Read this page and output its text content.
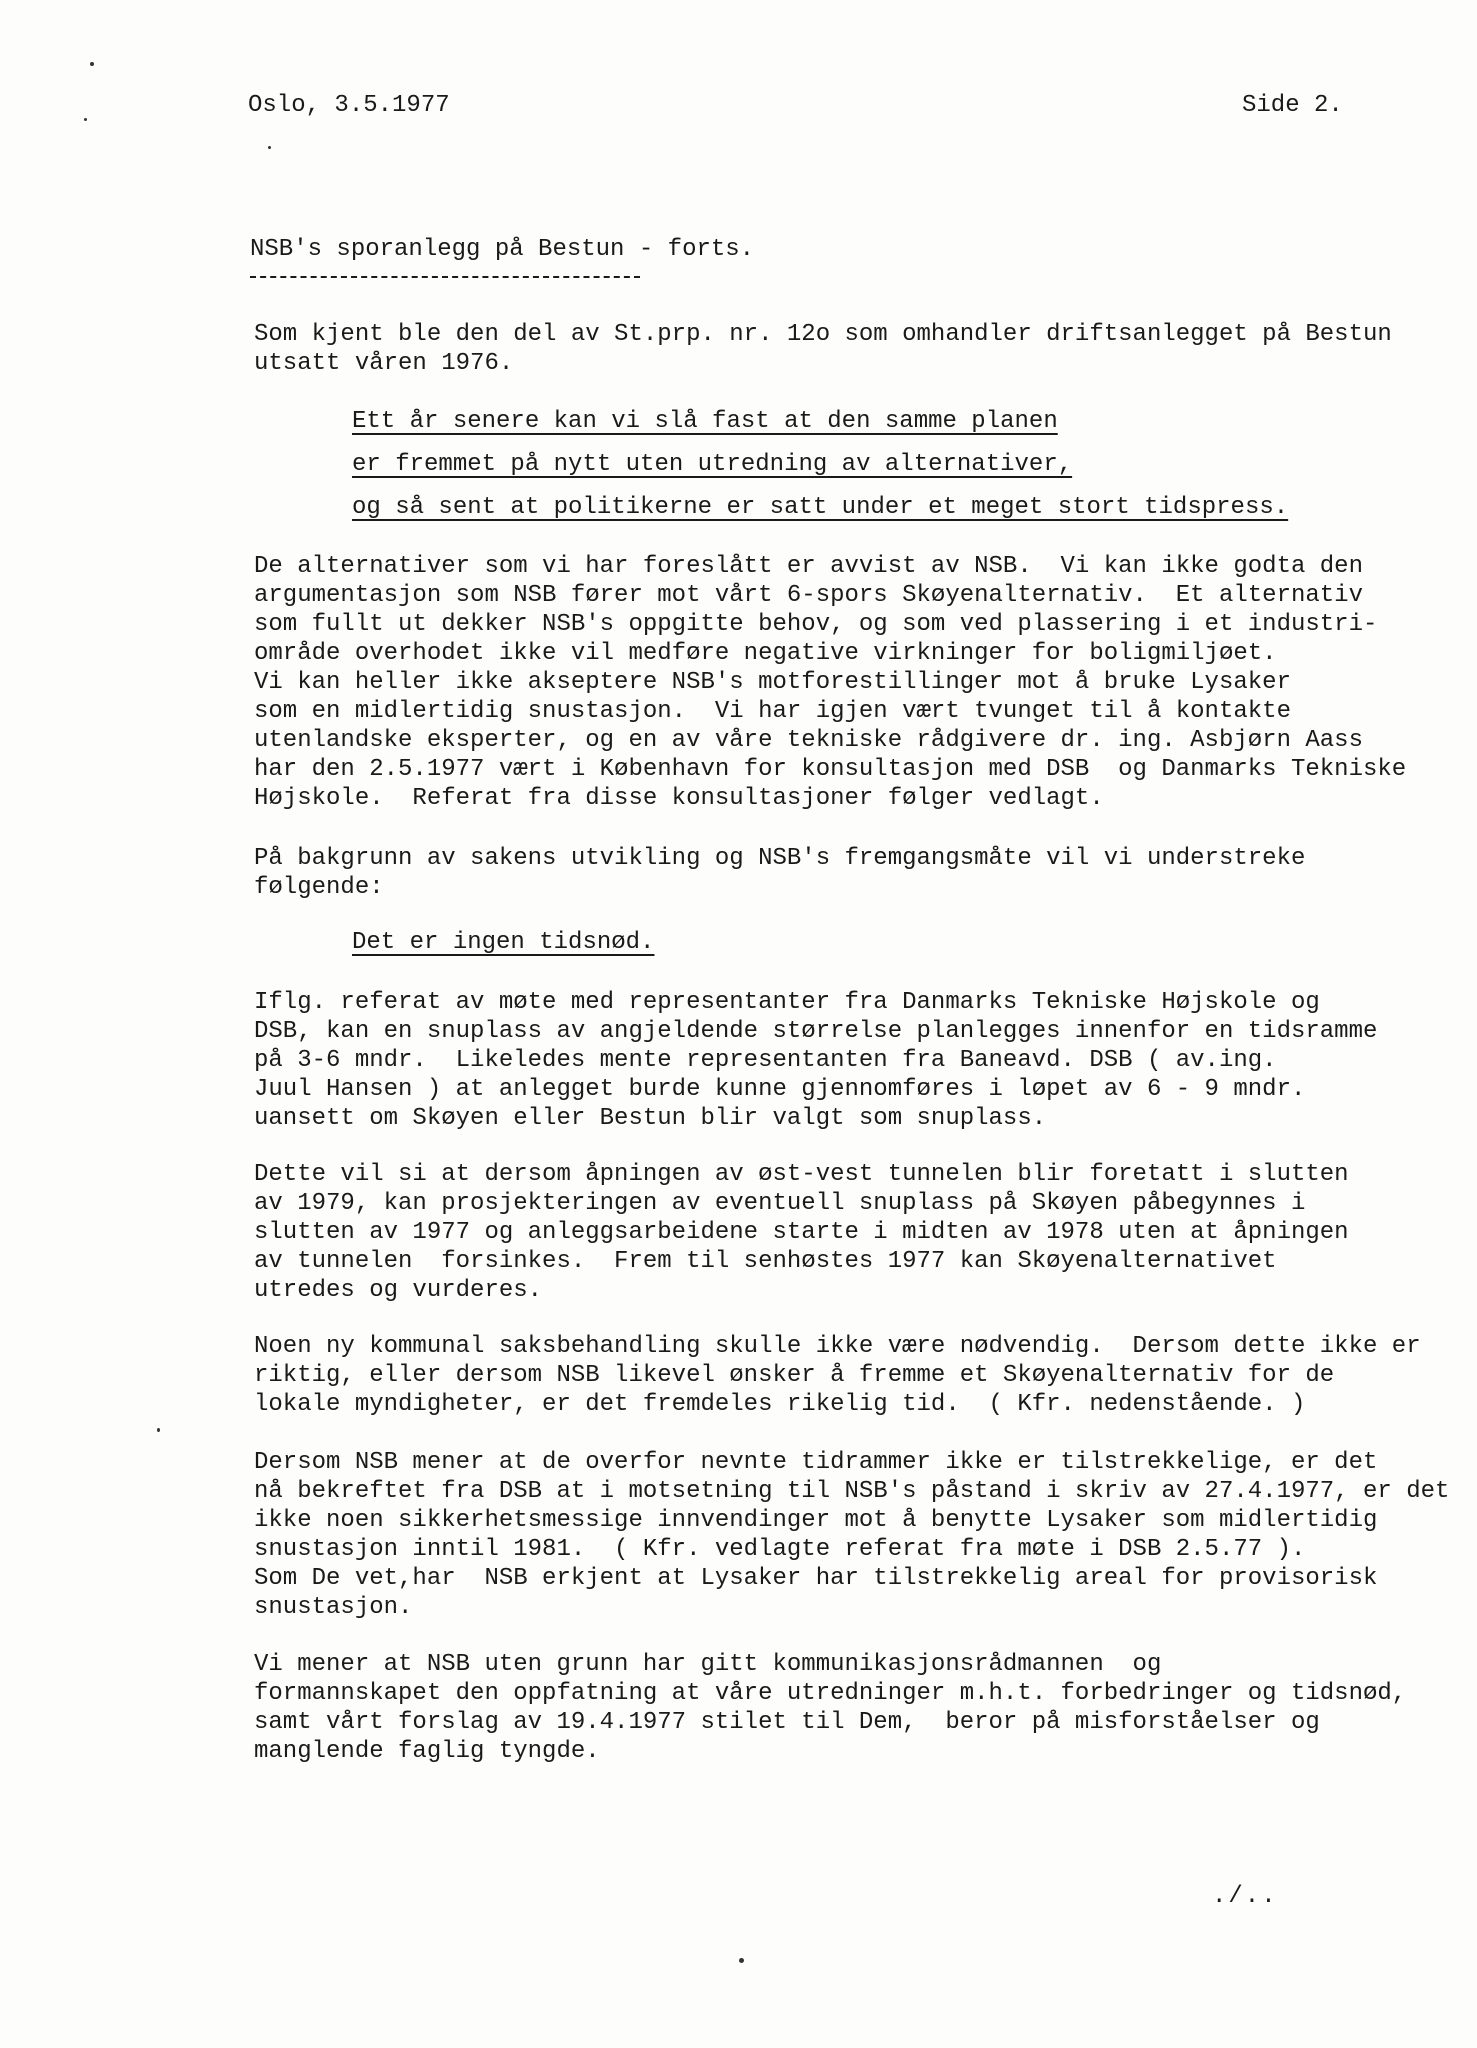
Oslo, 3.5.1977	Side 2.
NSB's sporanlegg på Bestun - forts.
Som kjent ble den del av St.prp. nr. 12o som omhandler driftsanlegget på Bestun
utsatt våren 1976.
Ett år senere kan vi slå fast at den samme planen
er fremmet på nytt uten utredning av alternativer,
og så sent at politikerne er satt under et meget stort tidspress.
De alternativer som vi har foreslått er avvist av NSB.  Vi kan ikke godta den
argumentasjon som NSB fører mot vårt 6-spors Skøyenalternativ.  Et alternativ
som fullt ut dekker NSB's oppgitte behov, og som ved plassering i et industri-
område overhodet ikke vil medføre negative virkninger for boligmiljøet.
Vi kan heller ikke akseptere NSB's motforestillinger mot å bruke Lysaker
som en midlertidig snustasjon.  Vi har igjen vært tvunget til å kontakte
utenlandske eksperter, og en av våre tekniske rådgivere dr. ing. Asbjørn Aass
har den 2.5.1977 vært i København for konsultasjon med DSB  og Danmarks Tekniske
Højskole.  Referat fra disse konsultasjoner følger vedlagt.
På bakgrunn av sakens utvikling og NSB's fremgangsmåte vil vi understreke
følgende:
Det er ingen tidsnød.
Iflg. referat av møte med representanter fra Danmarks Tekniske Højskole og
DSB, kan en snuplass av angjeldende størrelse planlegges innenfor en tidsramme
på 3-6 mndr.  Likeledes mente representanten fra Baneavd. DSB ( av.ing.
Juul Hansen ) at anlegget burde kunne gjennomføres i løpet av 6 - 9 mndr.
uansett om Skøyen eller Bestun blir valgt som snuplass.
Dette vil si at dersom åpningen av øst-vest tunnelen blir foretatt i slutten
av 1979, kan prosjekteringen av eventuell snuplass på Skøyen påbegynnes i
slutten av 1977 og anleggsarbeidene starte i midten av 1978 uten at åpningen
av tunnelen  forsinkes.  Frem til senhøstes 1977 kan Skøyenalternativet
utredes og vurderes.
Noen ny kommunal saksbehandling skulle ikke være nødvendig.  Dersom dette ikke er
riktig, eller dersom NSB likevel ønsker å fremme et Skøyenalternativ for de
lokale myndigheter, er det fremdeles rikelig tid.  ( Kfr. nedenstående. )
Dersom NSB mener at de overfor nevnte tidrammer ikke er tilstrekkelige, er det
nå bekreftet fra DSB at i motsetning til NSB's påstand i skriv av 27.4.1977, er det
ikke noen sikkerhetsmessige innvendinger mot å benytte Lysaker som midlertidig
snustasjon inntil 1981.  ( Kfr. vedlagte referat fra møte i DSB 2.5.77 ).
Som De vet,har  NSB erkjent at Lysaker har tilstrekkelig areal for provisorisk
snustasjon.
Vi mener at NSB uten grunn har gitt kommunikasjonsrådmannen  og
formannskapet den oppfatning at våre utredninger m.h.t. forbedringer og tidsnød,
samt vårt forslag av 19.4.1977 stilet til Dem,  beror på misforståelser og
manglende faglig tyngde.
./..
